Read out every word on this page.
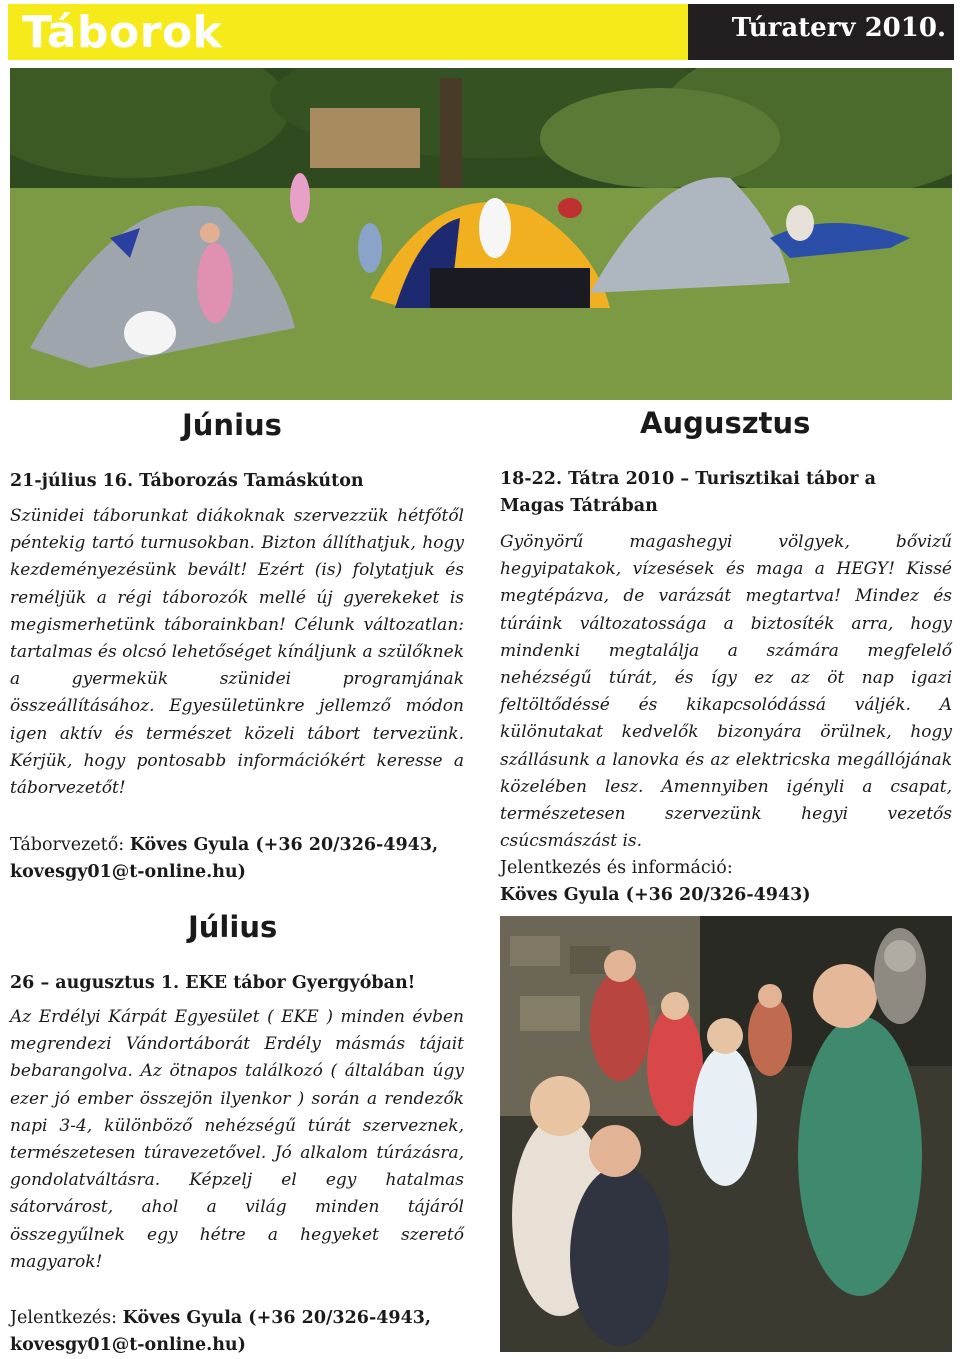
Táborok	Túraterv 2010.
Június
21-július 16. Táborozás Tamáskúton
Szünidei táborunkat diákoknak szervezzük hétfőtől péntekig tartó turnusokban. Bizton állíthatjuk, hogy kezdeményezésünk bevált! Ezért (is) folytatjuk és reméljük a régi táborozók mellé új gyerekeket is megismerhetünk táborainkban! Célunk változatlan: tartalmas és olcsó lehetőséget kínáljunk a szülőknek a gyermekük szünidei programjának összeállításához. Egyesületünkre jellemző módon igen aktív és természet közeli tábort tervezünk. Kérjük, hogy pontosabb információkért keresse a táborvezetőt!
Táborvezető: Köves Gyula (+36 20/326-4943, kovesgy01@t-online.hu)
Július
26 – augusztus 1. EKE tábor Gyergyóban!
Az Erdélyi Kárpát Egyesület ( EKE ) minden évben megrendezi Vándortáborát Erdély másmás tájait bebarangolva. Az ötnapos találkozó ( általában úgy ezer jó ember összejön ilyenkor ) során a rendezők napi 3-4, különböző nehézségű túrát szerveznek, természetesen túravezetővel. Jó alkalom túrázásra, gondolatváltásra. Képzelj el egy hatalmas sátorvárost, ahol a világ minden tájáról összegyűlnek egy hétre a hegyeket szerető magyarok!
Jelentkezés: Köves Gyula (+36 20/326-4943, kovesgy01@t-online.hu)
Augusztus
18-22. Tátra 2010 – Turisztikai tábor a Magas Tátrában
Gyönyörű magashegyi völgyek, bővizű hegyipatakok, vízesések és maga a HEGY! Kissé megtépázva, de varázsát megtartva! Mindez és túráink változatossága a biztosíték arra, hogy mindenki megtalálja a számára megfelelő nehézségű túrát, és így ez az öt nap igazi feltöltődéssé és kikapcsolódássá váljék. A különutakat kedvelők bizonyára örülnek, hogy szállásunk a lanovka és az elektricska megállójának közelében lesz. Amennyiben igényli a csapat, természetesen szervezünk hegyi vezetős csúcsmászást is.
Jelentkezés és információ:
Köves Gyula (+36 20/326-4943)
